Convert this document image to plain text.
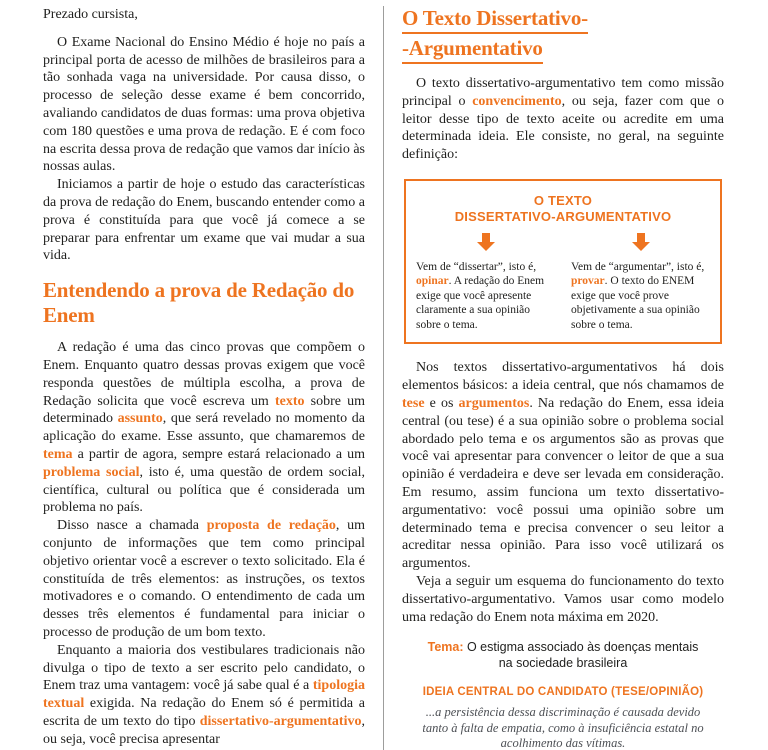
Prezado cursista,

O Exame Nacional do Ensino Médio é hoje no país a principal porta de acesso de milhões de brasileiros para a tão sonhada vaga na universidade. Por causa disso, o processo de seleção desse exame é bem concorrido, avaliando candidatos de duas formas: uma prova objetiva com 180 questões e uma prova de redação. E é com foco na escrita dessa prova de redação que vamos dar início às nossas aulas.

Iniciamos a partir de hoje o estudo das características da prova de redação do Enem, buscando entender como a prova é constituída para que você já comece a se preparar para enfrentar um exame que vai mudar a sua vida.

Entendendo a prova de Redação do Enem

A redação é uma das cinco provas que compõem o Enem. Enquanto quatro dessas provas exigem que você responda questões de múltipla escolha, a prova de Redação solicita que você escreva um texto sobre um determinado assunto, que será revelado no momento da aplicação do exame. Esse assunto, que chamaremos de tema a partir de agora, sempre estará relacionado a um problema social, isto é, uma questão de ordem social, científica, cultural ou política que é considerada um problema no país.

Disso nasce a chamada proposta de redação, um conjunto de informações que tem como principal objetivo orientar você a escrever o texto solicitado. Ela é constituída de três elementos: as instruções, os textos motivadores e o comando. O entendimento de cada um desses três elementos é fundamental para iniciar o processo de produção de um bom texto.

Enquanto a maioria dos vestibulares tradicionais não divulga o tipo de texto a ser escrito pelo candidato, o Enem traz uma vantagem: você já sabe qual é a tipologia textual exigida. Na redação do Enem só é permitida a escrita de um texto do tipo dissertativo-argumentativo, ou seja, você precisa apresentar

O Texto Dissertativo-
-Argumentativo

O texto dissertativo-argumentativo tem como missão principal o convencimento, ou seja, fazer com que o leitor desse tipo de texto aceite ou acredite em uma determinada ideia. Ele consiste, no geral, na seguinte definição:

O TEXTO
DISSERTATIVO-ARGUMENTATIVO

Vem de “dissertar”, isto é, opinar. A redação do Enem exige que você apresente claramente a sua opinião sobre o tema.

Vem de “argumentar”, isto é, provar. O texto do ENEM exige que você prove objetivamente a sua opinião sobre o tema.

Nos textos dissertativo-argumentativos há dois elementos básicos: a ideia central, que nós chamamos de tese e os argumentos. Na redação do Enem, essa ideia central (ou tese) é a sua opinião sobre o problema social abordado pelo tema e os argumentos são as provas que você vai apresentar para convencer o leitor de que a sua opinião é verdadeira e deve ser levada em consideração. Em resumo, assim funciona um texto dissertativo-argumentativo: você possui uma opinião sobre um determinado tema e precisa convencer o seu leitor a acreditar nessa opinião. Para isso você utilizará os argumentos.

Veja a seguir um esquema do funcionamento do texto dissertativo-argumentativo. Vamos usar como modelo uma redação do Enem nota máxima em 2020.

Tema: O estigma associado às doenças mentais na sociedade brasileira

IDEIA CENTRAL DO CANDIDATO (TESE/OPINIÃO)

...a persistência dessa discriminação é causada devido tanto à falta de empatia, como à insuficiência estatal no acolhimento das vítimas.
